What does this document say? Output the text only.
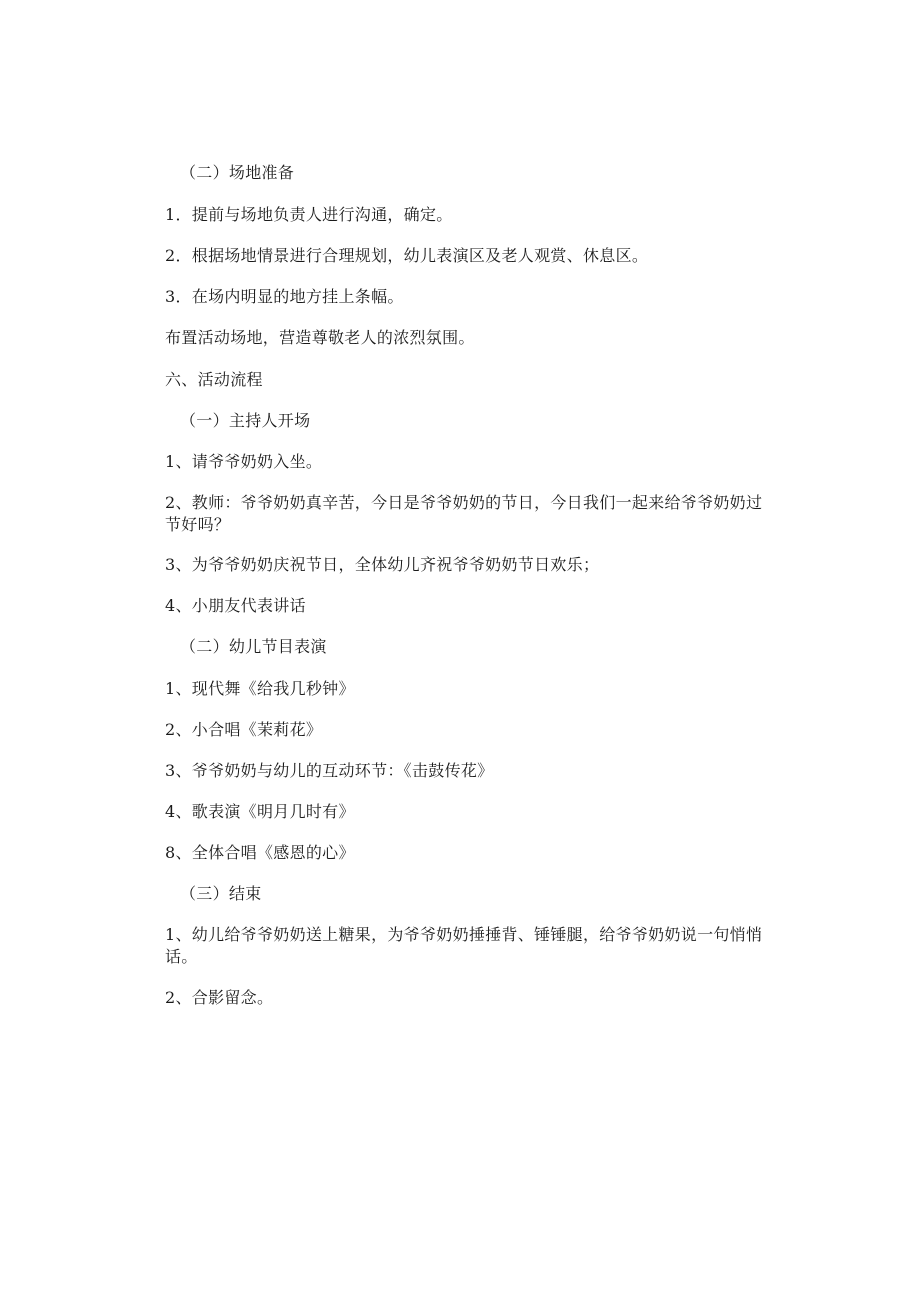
（二）场地准备
1．提前与场地负责人进行沟通，确定。
2．根据场地情景进行合理规划，幼儿表演区及老人观赏、休息区。
3．在场内明显的地方挂上条幅。
布置活动场地，营造尊敬老人的浓烈氛围。
六、活动流程
（一）主持人开场
1、请爷爷奶奶入坐。
2、教师：爷爷奶奶真辛苦，今日是爷爷奶奶的节日，今日我们一起来给爷爷奶奶过节好吗？
3、为爷爷奶奶庆祝节日，全体幼儿齐祝爷爷奶奶节日欢乐；
4、小朋友代表讲话
（二）幼儿节目表演
1、现代舞《给我几秒钟》
2、小合唱《茉莉花》
3、爷爷奶奶与幼儿的互动环节：《击鼓传花》
4、歌表演《明月几时有》
8、全体合唱《感恩的心》
（三）结束
1、幼儿给爷爷奶奶送上糖果，为爷爷奶奶捶捶背、锤锤腿，给爷爷奶奶说一句悄悄话。
2、合影留念。
